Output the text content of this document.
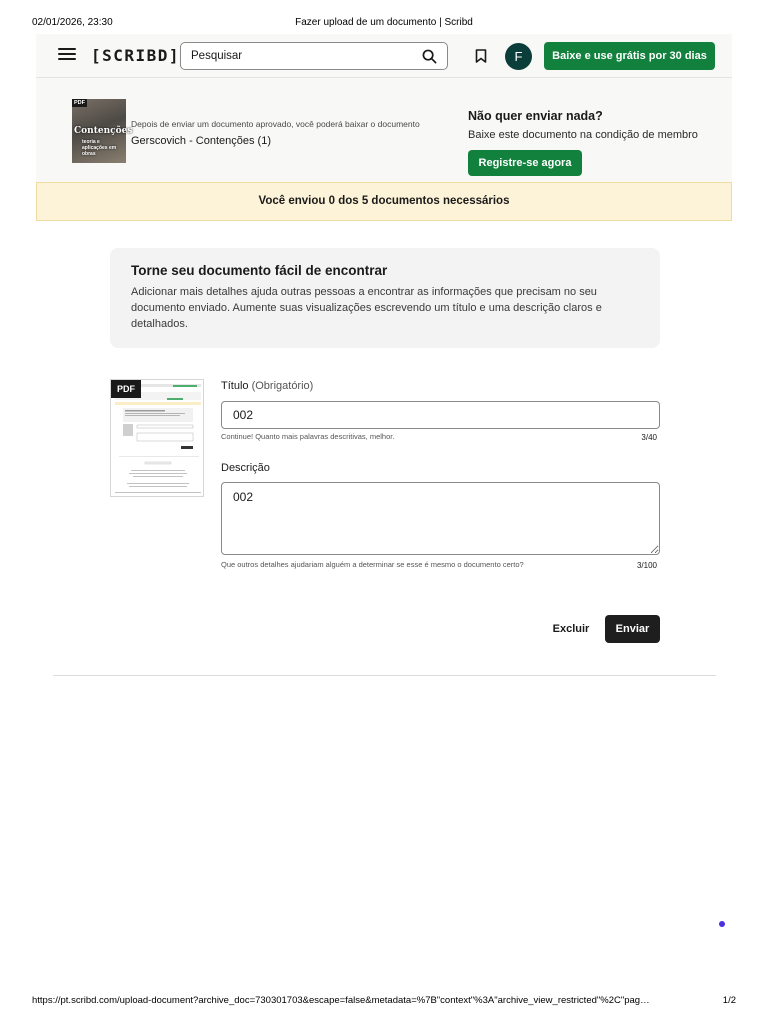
02/01/2026, 23:30	Fazer upload de um documento | Scribd
[SCRIBD]
Pesquisar	F	Baixe e use grátis por 30 dias
PDF
Contenções
teoria e aplicações em obras
Depois de enviar um documento aprovado, você poderá baixar o documento
Gerscovich - Contenções (1)
Não quer enviar nada?
Baixe este documento na condição de membro
Registre-se agora
Você enviou 0 dos 5 documentos necessários
Torne seu documento fácil de encontrar

Adicionar mais detalhes ajuda outras pessoas a encontrar as informações que precisam no seu documento enviado. Aumente suas visualizações escrevendo um título e uma descrição claros e detalhados.

PDF	Título (Obrigatório)
002
Continue! Quanto mais palavras descritivas, melhor.	3/40
Descrição
002
Que outros detalhes ajudariam alguém a determinar se esse é mesmo o documento certo?	3/100
Excluir	Enviar
https://pt.scribd.com/upload-document?archive_doc=730301703&escape=false&metadata=%7B"context"%3A"archive_view_restricted"%2C"pag…	1/2
